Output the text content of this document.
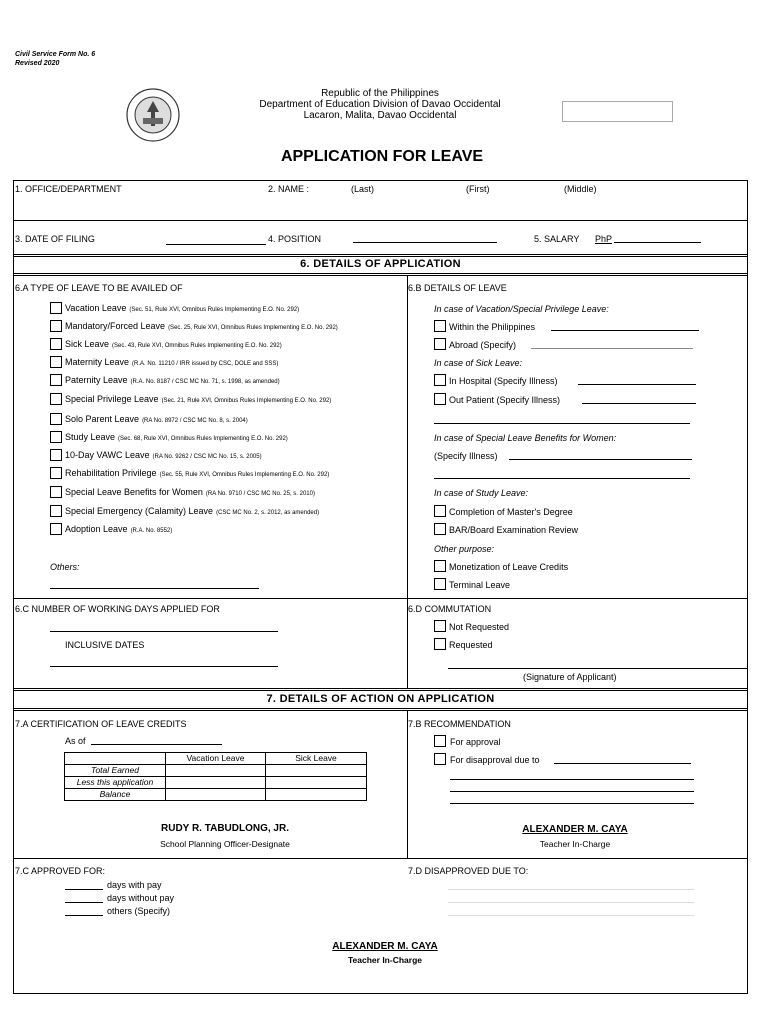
Civil Service Form No. 6
Revised 2020
Republic of the Philippines
Department of Education Division of Davao Occidental
Lacaron, Malita, Davao Occidental
APPLICATION FOR LEAVE
1. OFFICE/DEPARTMENT	2. NAME :	(Last)	(First)	(Middle)
3. DATE OF FILING	4. POSITION	5. SALARY PhP
6. DETAILS OF APPLICATION
6.A TYPE OF LEAVE TO BE AVAILED OF
Vacation Leave (Sec. 51, Rule XVI, Omnibus Rules Implementing E.O. No. 292)
Mandatory/Forced Leave (Sec. 25, Rule XVI, Omnibus Rules Implementing E.O. No. 292)
Sick Leave (Sec. 43, Rule XVI, Omnibus Rules Implementing E.O. No. 292)
Maternity Leave (R.A. No. 11210 / IRR issued by CSC, DOLE and SSS)
Paternity Leave (R.A. No. 8187 / CSC MC No. 71, s. 1998, as amended)
Special Privilege Leave (Sec. 21, Rule XVI, Omnibus Rules Implementing E.O. No. 292)
Solo Parent Leave (RA No. 8972 / CSC MC No. 8, s. 2004)
Study Leave (Sec. 68, Rule XVI, Omnibus Rules Implementing E.O. No. 292)
10-Day VAWC Leave (RA No. 9262 / CSC MC No. 15, s. 2005)
Rehabilitation Privilege (Sec. 55, Rule XVI, Omnibus Rules Implementing E.O. No. 292)
Special Leave Benefits for Women (RA No. 9710 / CSC MC No. 25, s. 2010)
Special Emergency (Calamity) Leave (CSC MC No. 2, s. 2012, as amended)
Adoption Leave (R.A. No. 8552)
Others:
6.B DETAILS OF LEAVE
In case of Vacation/Special Privilege Leave:
Within the Philippines
Abroad (Specify)
In case of Sick Leave:
In Hospital (Specify Illness)
Out Patient (Specify Illness)
In case of Special Leave Benefits for Women:
(Specify Illness)
In case of Study Leave:
Completion of Master's Degree
BAR/Board Examination Review
Other purpose:
Monetization of Leave Credits
Terminal Leave
6.C NUMBER OF WORKING DAYS APPLIED FOR
INCLUSIVE DATES
6.D COMMUTATION
Not Requested
Requested
(Signature of Applicant)
7. DETAILS OF ACTION ON APPLICATION
7.A CERTIFICATION OF LEAVE CREDITS
As of
	Vacation Leave	Sick Leave
Total Earned		
Less this application		
Balance		
RUDY R. TABUDLONG, JR.
School Planning Officer-Designate
7.B RECOMMENDATION
For approval
For disapproval due to
ALEXANDER M. CAYA
Teacher In-Charge
7.C APPROVED FOR:
days with pay
days without pay
others (Specify)
7.D DISAPPROVED DUE TO:
ALEXANDER M. CAYA
Teacher In-Charge
